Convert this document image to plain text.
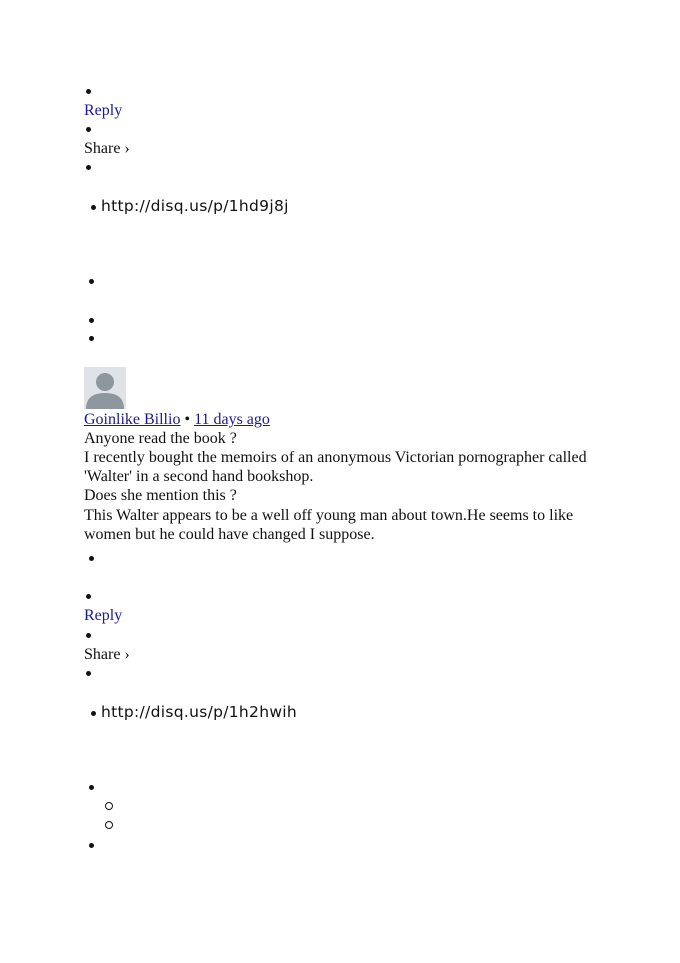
Reply
Share ›
http://disq.us/p/1hd9j8j
Goinlike Billio • 11 days ago
Anyone read the book ?
I recently bought the memoirs of an anonymous Victorian pornographer called
'Walter' in a second hand bookshop.
Does she mention this ?
This Walter appears to be a well off young man about town.He seems to like
women but he could have changed I suppose.
Reply
Share ›
http://disq.us/p/1h2hwih
